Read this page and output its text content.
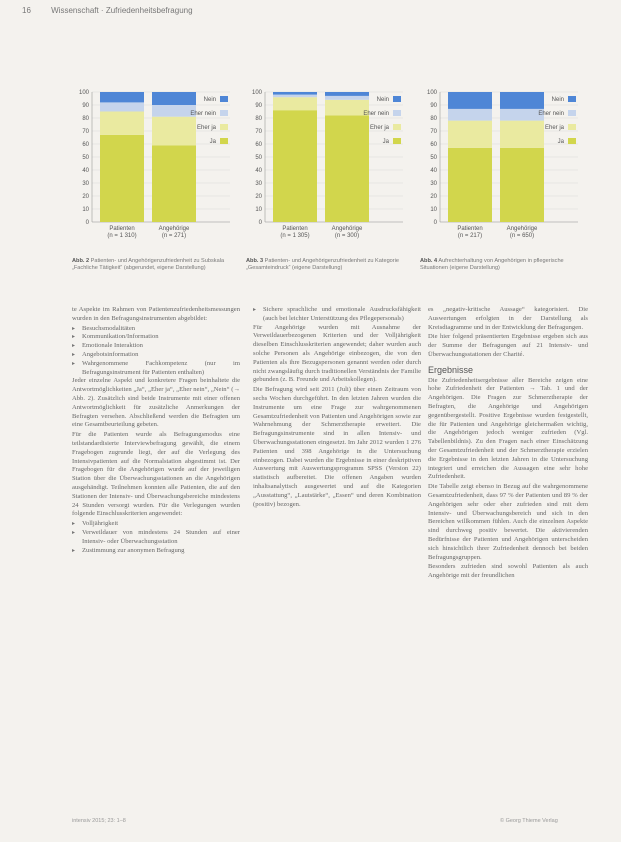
16	Wissenschaft · Zufriedenheitsbefragung
0
10
20
30
40
50
60
70
80
90
100
Patienten
(n = 1 310)
Angehörige
(n = 271)
Nein
Eher nein
Eher ja
Ja
0
10
20
30
40
50
60
70
80
90
100
Patienten
(n = 1 305)
Angehörige
(n = 300)
Nein
Eher nein
Eher ja
Ja
0
10
20
30
40
50
60
70
80
90
100
Patienten
(n = 217)
Angehörige
(n = 650)
Nein
Eher nein
Eher ja
Ja
Abb. 2 Patienten- und Angehörigenzufriedenheit zu Subskala „Fachliche Tätigkeit“ (abgerundet, eigene Darstellung)
Abb. 3 Patienten- und Angehörigenzufriedenheit zu Kategorie „Gesamteindruck“ (eigene Darstellung)
Abb. 4 Aufrechterhaltung von Angehörigen in pflegerische Situationen (eigene Darstellung)

te Aspekte im Rahmen von Patientenzufriedenheitsmessungen wurden in den Befragungsinstrumenten abgebildet:

▸ Besuchsmodalitäten
▸ Kommunikation/Information
▸ Emotionale Interaktion
▸ Angebotsinformation
▸ Wahrgenommene Fachkompetenz (nur im Befragungsinstrument für Patienten enthalten)

Jeder einzelne Aspekt und konkretere Fragen beinhaltete die Antwortmöglichkeiten „Ja“, „Eher ja“, „Eher nein“, „Nein“ (→ Abb. 2). Zusätzlich sind beide Instrumente mit einer offenen Antwortmöglichkeit für zusätzliche Anmerkungen der Befragten versehen. Abschließend werden die Befragten um eine Gesamtbeurteilung gebeten.

Für die Patienten wurde als Befragungsmodus eine teilstandardisierte Interviewbefragung gewählt, die einem Fragebogen zugrunde liegt, der auf die Verlegung des Intensivpatienten auf die Normalstation abgestimmt ist. Der Fragebogen für die Angehörigen wurde auf der jeweiligen Station über die Überwachungsstationen an die Angehörigen ausgehändigt. Teilnehmen konnten alle Patienten, die auf den Stationen der Intensiv- und Überwachungsbereiche mindestens 24 Stunden versorgt wurden. Für die Verlegungen wurden folgende Einschlusskriterien angewendet:

▸ Volljährigkeit
▸ Verweildauer von mindestens 24 Stunden auf einer Intensiv- oder Überwachungsstation
▸ Zustimmung zur anonymen Befragung
▸ Sichere sprachliche und emotionale Ausdrucksfähigkeit (auch bei leichter Unterstützung des Pflegepersonals)

Für Angehörige wurden mit Ausnahme der Verweildauerbezogenen Kriterien und der Volljährigkeit dieselben Einschlusskriterien angewendet; daher wurden auch solche Personen als Angehörige einbezogen, die von den Patienten als ihre Bezugspersonen genannt werden oder durch nicht zwangsläufig durch traditionellen Verständnis der Familie gebunden (z. B. Freunde und Arbeitskollegen).

Die Befragung wird seit 2011 (Juli) über einen Zeitraum von sechs Wochen durchgeführt. In den letzten Jahren wurden die Instrumente um eine Frage zur wahrgenommenen Gesamtzufriedenheit von Patienten und Angehörigen sowie zur Wahrnehmung der Schmerztherapie erweitert. Die Befragungsinstrumente sind in allen Intensiv- und Überwachungsstationen eingesetzt. Im Jahr 2012 wurden 1 276 Patienten und 398 Angehörige in die Untersuchung einbezogen. Dabei wurden die Ergebnisse in einer deskriptiven Auswertung mit Auswertungsprogramm SPSS (Version 22) statistisch aufbereitet. Die offenen Angaben wurden inhaltsanalytisch ausgewertet und auf die Kategorien „Ausstattung“, „Lautstärke“, „Essen“ und deren Kombination (positiv) bezogen.

es „negativ-kritische Aussage“ kategorisiert. Die Auswertungen erfolgten in der Darstellung als Kreisdiagramme und in der Entwicklung der Befragungen.

Die hier folgend präsentierten Ergebnisse ergeben sich aus der Summe der Befragungen auf 21 Intensiv- und Überwachungsstationen der Charité.

Ergebnisse

Die Zufriedenheitsergebnisse aller Bereiche zeigen eine hohe Zufriedenheit der Patienten → Tab. 1 und der Angehörigen. Die Fragen zur Schmerztherapie der Befragten, die Angehörige und Angehörigen gegenübergestellt. Positive Ergebnisse wurden festgestellt, die für Patienten und Angehörige gleichermaßen wichtig, die Angehörigen jedoch weniger zufrieden (Vgl. Tabellenbildnis). Zu den Fragen nach einer Einschätzung der Gesamtzufriedenheit und der Schmerztherapie erzielen die Ergebnisse in den letzten Jahren in die Untersuchung integriert und erreichen die Aussagen eine sehr hohe Zufriedenheit.

Die Tabelle zeigt ebenso in Bezug auf die wahrgenommene Gesamtzufriedenheit, dass 97 % der Patienten und 89 % der Angehörigen sehr oder eher zufrieden sind mit dem Intensiv- und Überwachungsbereich und sich in den Bereichen willkommen fühlen. Auch die einzelnen Aspekte sind durchweg positiv bewertet. Die aktivierenden Bedürfnisse der Patienten und Angehörigen unterscheiden sich hinsichtlich ihrer Zufriedenheit dennoch bei beiden Befragungsgruppen.

Besonders zufrieden sind sowohl Patienten als auch Angehörige mit der freundlichen

intensiv 2015; 23: 1–8	© Georg Thieme Verlag
